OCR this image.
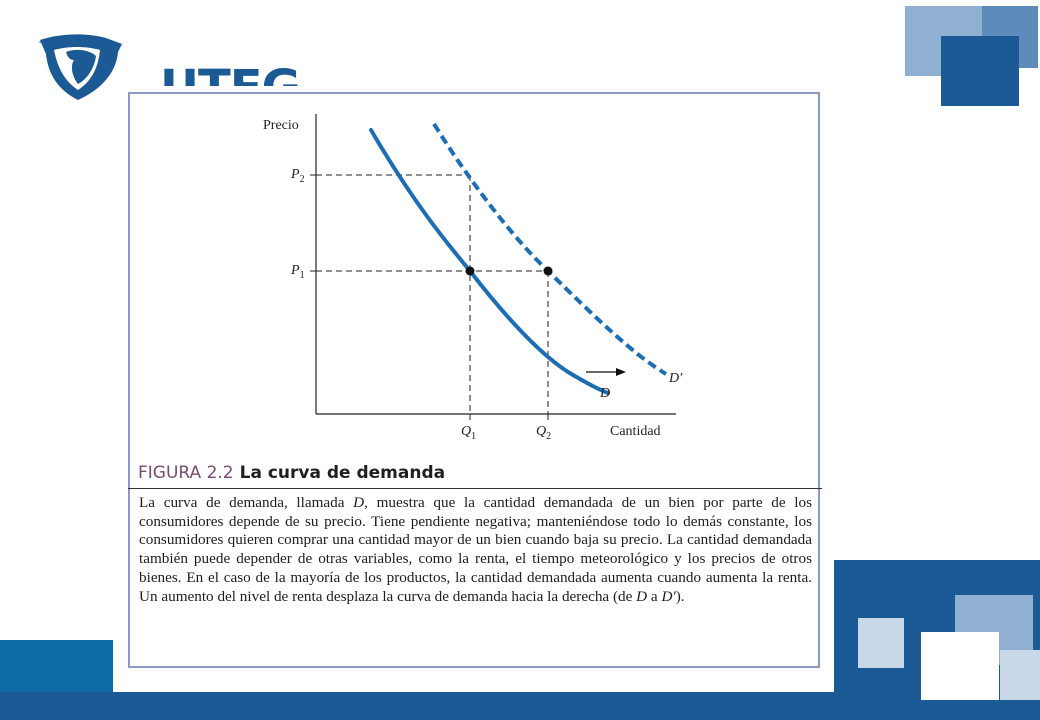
Precio
Cantidad
$P_2$
$P_1$
$Q_1$	$Q_2$
D
D′
FIGURA 2.2 La curva de demanda

La curva de demanda, llamada D, muestra que la cantidad demandada de un bien por parte de los consumidores depende de su precio. Tiene pendiente negativa; manteniéndose todo lo demás constante, los consumidores quieren comprar una cantidad mayor de un bien cuando baja su precio. La cantidad demandada también puede depender de otras variables, como la renta, el tiempo meteorológico y los precios de otros bienes. En el caso de la mayoría de los productos, la cantidad demandada aumenta cuando aumenta la renta. Un aumento del nivel de renta desplaza la curva de demanda hacia la derecha (de D a D′).
